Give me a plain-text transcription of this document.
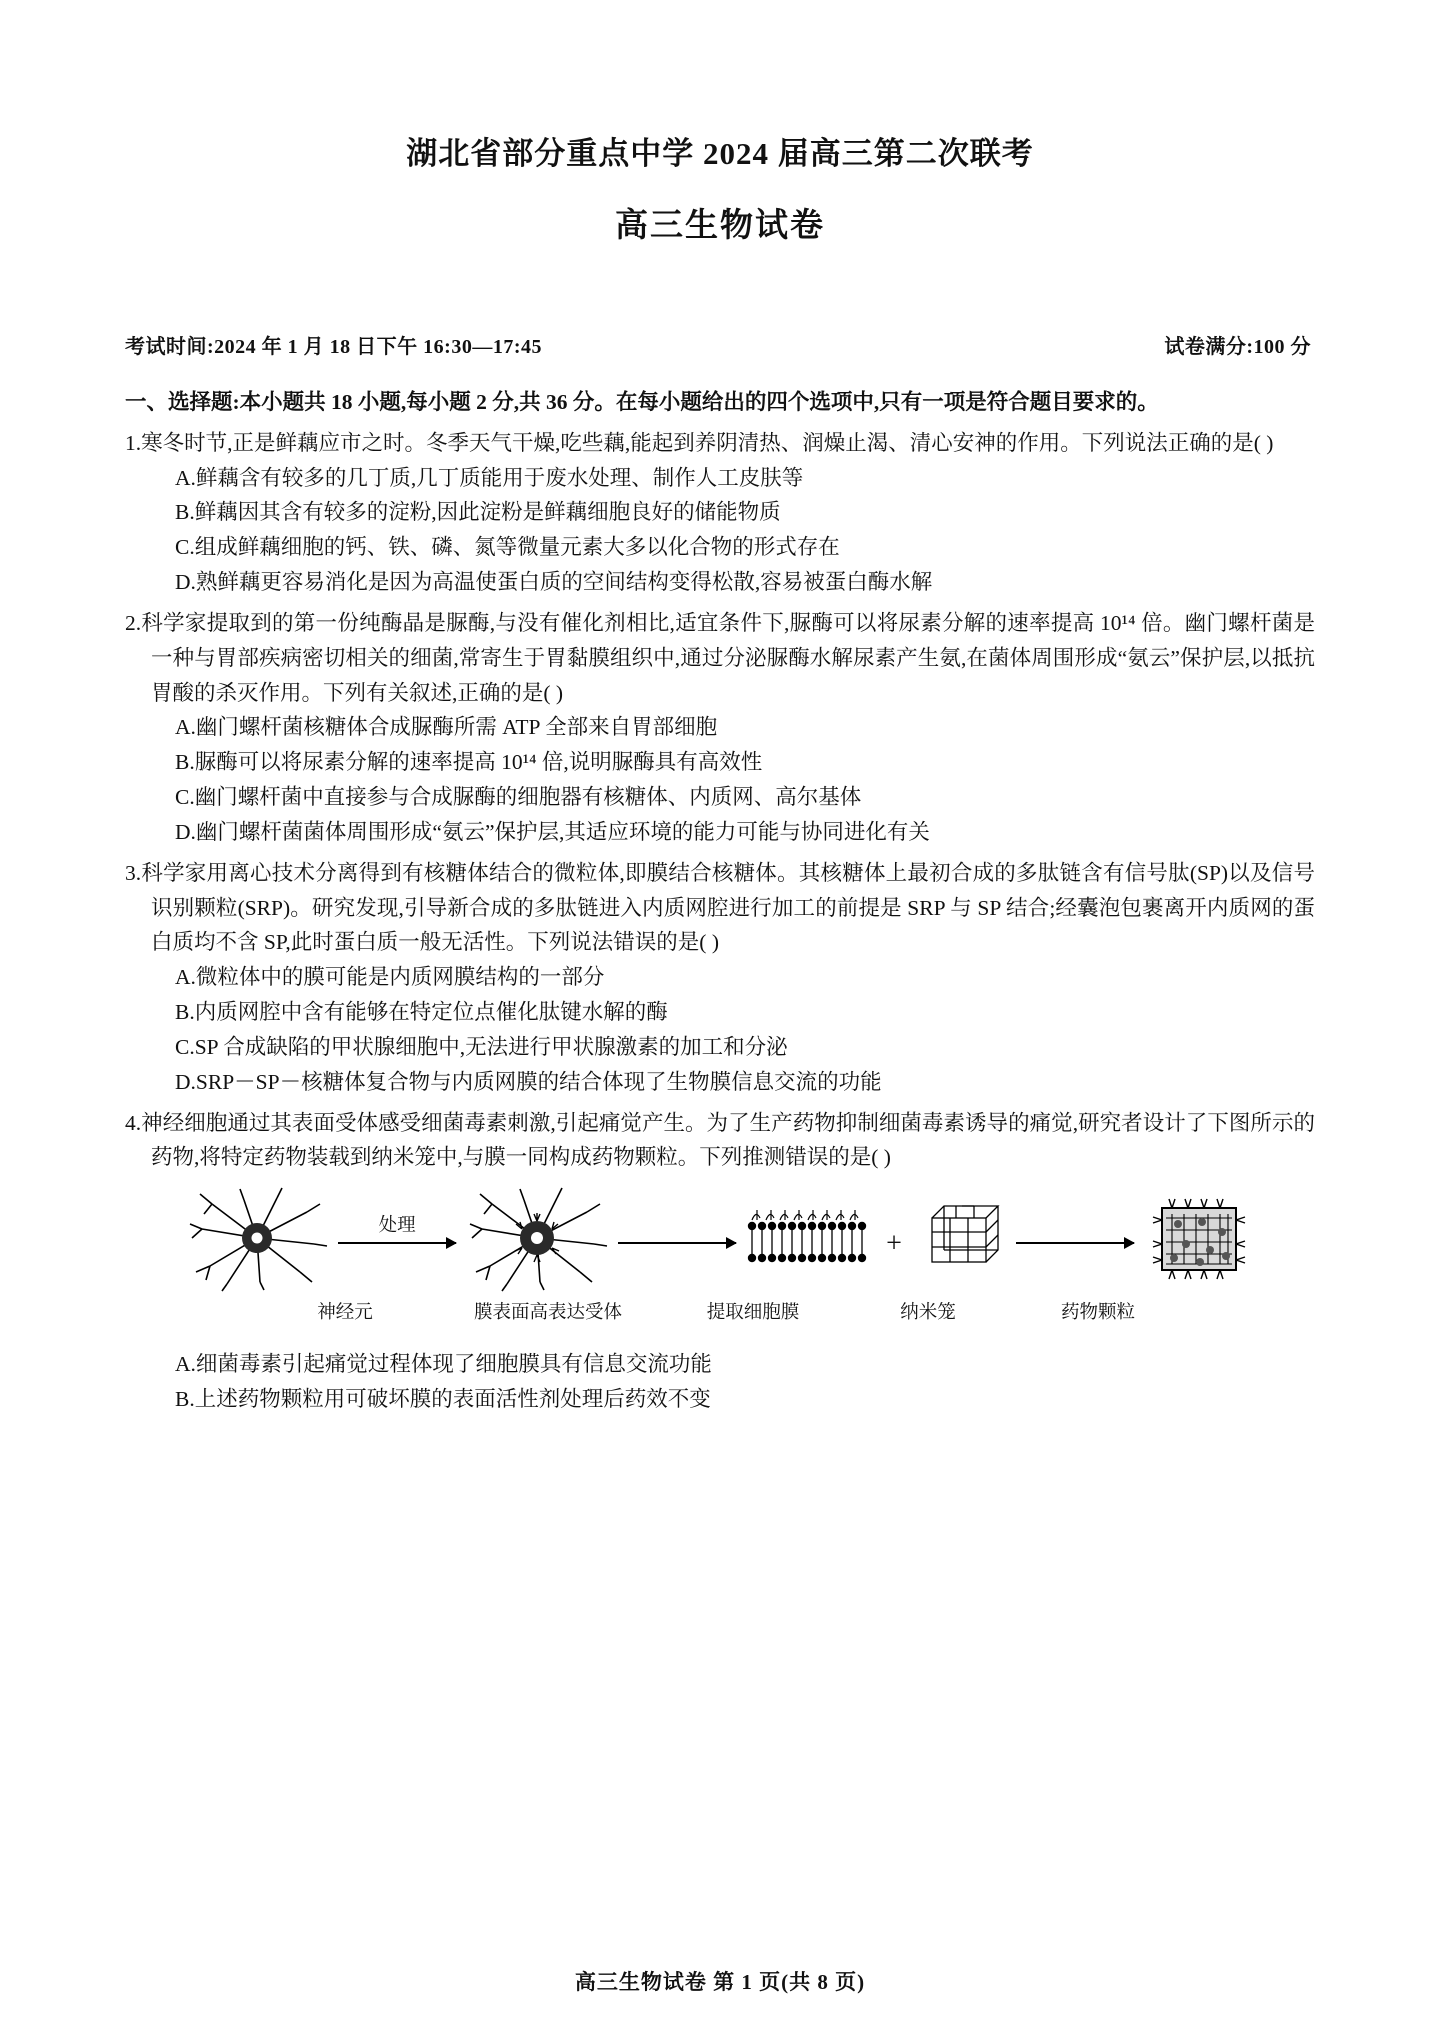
湖北省部分重点中学 2024 届高三第二次联考
高三生物试卷
考试时间:2024 年 1 月 18 日下午 16:30—17:45	试卷满分:100 分
一、选择题:本小题共 18 小题,每小题 2 分,共 36 分。在每小题给出的四个选项中,只有一项是符合题目要求的。
1.寒冬时节,正是鲜藕应市之时。冬季天气干燥,吃些藕,能起到养阴清热、润燥止渴、清心安神的作用。下列说法正确的是( )
A.鲜藕含有较多的几丁质,几丁质能用于废水处理、制作人工皮肤等
B.鲜藕因其含有较多的淀粉,因此淀粉是鲜藕细胞良好的储能物质
C.组成鲜藕细胞的钙、铁、磷、氮等微量元素大多以化合物的形式存在
D.熟鲜藕更容易消化是因为高温使蛋白质的空间结构变得松散,容易被蛋白酶水解
2.科学家提取到的第一份纯酶晶是脲酶,与没有催化剂相比,适宜条件下,脲酶可以将尿素分解的速率提高 10¹⁴ 倍。幽门螺杆菌是一种与胃部疾病密切相关的细菌,常寄生于胃黏膜组织中,通过分泌脲酶水解尿素产生氨,在菌体周围形成“氨云”保护层,以抵抗胃酸的杀灭作用。下列有关叙述,正确的是( )
A.幽门螺杆菌核糖体合成脲酶所需 ATP 全部来自胃部细胞
B.脲酶可以将尿素分解的速率提高 10¹⁴ 倍,说明脲酶具有高效性
C.幽门螺杆菌中直接参与合成脲酶的细胞器有核糖体、内质网、高尔基体
D.幽门螺杆菌菌体周围形成“氨云”保护层,其适应环境的能力可能与协同进化有关
3.科学家用离心技术分离得到有核糖体结合的微粒体,即膜结合核糖体。其核糖体上最初合成的多肽链含有信号肽(SP)以及信号识别颗粒(SRP)。研究发现,引导新合成的多肽链进入内质网腔进行加工的前提是 SRP 与 SP 结合;经囊泡包裹离开内质网的蛋白质均不含 SP,此时蛋白质一般无活性。下列说法错误的是( )
A.微粒体中的膜可能是内质网膜结构的一部分
B.内质网腔中含有能够在特定位点催化肽键水解的酶
C.SP 合成缺陷的甲状腺细胞中,无法进行甲状腺激素的加工和分泌
D.SRP－SP－核糖体复合物与内质网膜的结合体现了生物膜信息交流的功能
4.神经细胞通过其表面受体感受细菌毒素刺激,引起痛觉产生。为了生产药物抑制细菌毒素诱导的痛觉,研究者设计了下图所示的药物,将特定药物装载到纳米笼中,与膜一同构成药物颗粒。下列推测错误的是( )
处理
+
神经元	膜表面高表达受体	提取细胞膜	纳米笼	药物颗粒
A.细菌毒素引起痛觉过程体现了细胞膜具有信息交流功能
B.上述药物颗粒用可破坏膜的表面活性剂处理后药效不变
高三生物试卷 第 1 页(共 8 页)
